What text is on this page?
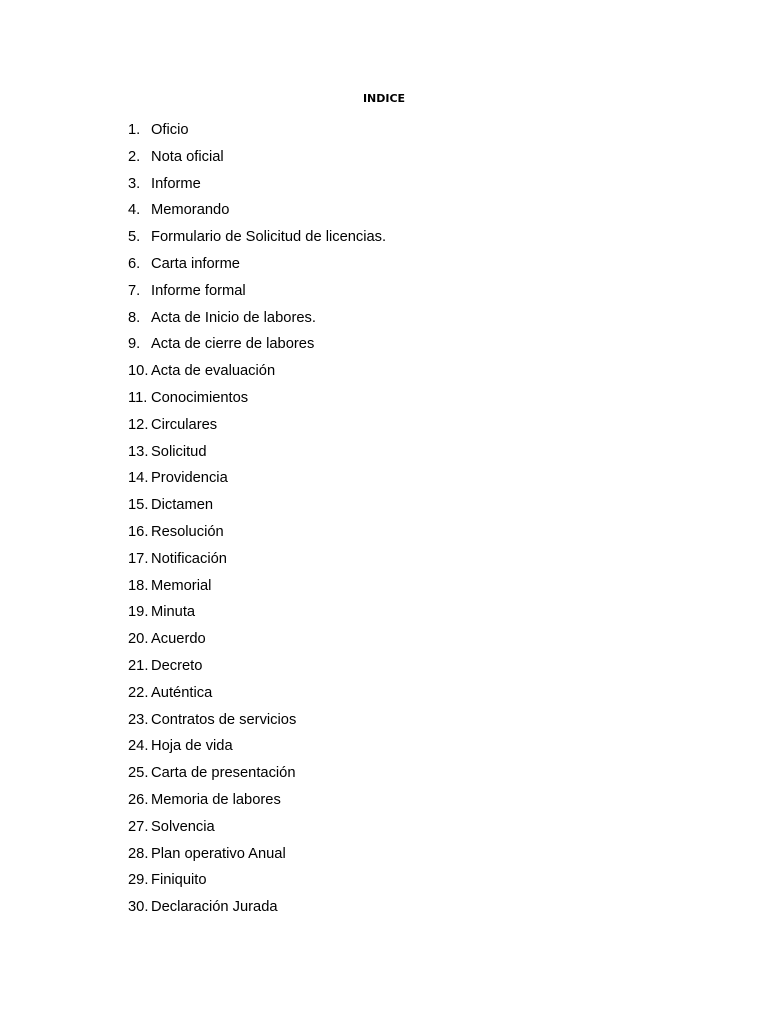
INDICE
1. Oficio
2. Nota oficial
3. Informe
4. Memorando
5. Formulario de Solicitud de licencias.
6. Carta informe
7. Informe formal
8. Acta de Inicio de labores.
9. Acta de cierre de labores
10. Acta de evaluación
11. Conocimientos
12. Circulares
13. Solicitud
14. Providencia
15. Dictamen
16. Resolución
17. Notificación
18. Memorial
19. Minuta
20. Acuerdo
21. Decreto
22. Auténtica
23. Contratos de servicios
24. Hoja de vida
25. Carta de presentación
26. Memoria de labores
27. Solvencia
28. Plan operativo Anual
29. Finiquito
30. Declaración Jurada
